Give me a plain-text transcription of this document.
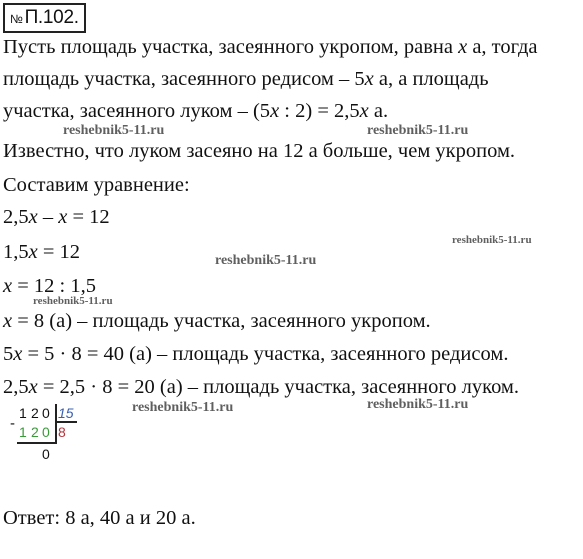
№ П.102.
Пусть площадь участка, засеянного укропом, равна x а, тогда
площадь участка, засеянного редисом – 5x а, а площадь
участка, засеянного луком – (5x : 2) = 2,5x а.
Известно, что луком засеяно на 12 а больше, чем укропом.
Составим уравнение:
2,5x – x = 12
1,5x = 12
x = 12 : 1,5
x = 8 (а) – площадь участка, засеянного укропом.
5x = 5 · 8 = 40 (а) – площадь участка, засеянного редисом.
2,5x = 2,5 · 8 = 20 (а) – площадь участка, засеянного луком.
-
1 2 0 15
1 2 0 8
0
Ответ: 8 а, 40 а и 20 а.
reshebnik5-11.ru	reshebnik5-11.ru
reshebnik5-11.ru
reshebnik5-11.ru
reshebnik5-11.ru
reshebnik5-11.ru	reshebnik5-11.ru
